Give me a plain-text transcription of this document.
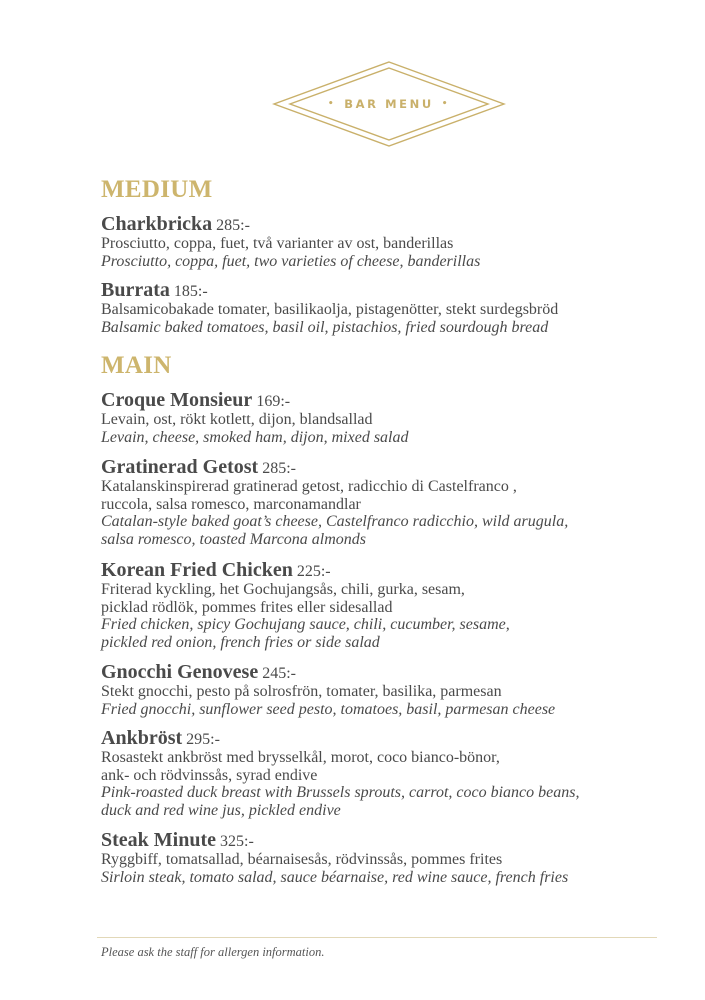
• BAR MENU •
MEDIUM
Charkbricka 285:-
Prosciutto, coppa, fuet, två varianter av ost, banderillas
Prosciutto, coppa, fuet, two varieties of cheese, banderillas
Burrata 185:-
Balsamicobakade tomater, basilikaolja, pistagenötter, stekt surdegsbröd
Balsamic baked tomatoes, basil oil, pistachios, fried sourdough bread
MAIN
Croque Monsieur 169:-
Levain, ost, rökt kotlett, dijon, blandsallad
Levain, cheese, smoked ham, dijon, mixed salad
Gratinerad Getost 285:-
Katalanskinspirerad gratinerad getost, radicchio di Castelfranco ,
ruccola, salsa romesco, marconamandlar
Catalan-style baked goat’s cheese, Castelfranco radicchio, wild arugula,
salsa romesco, toasted Marcona almonds
Korean Fried Chicken 225:-
Friterad kyckling, het Gochujangsås, chili, gurka, sesam,
picklad rödlök, pommes frites eller sidesallad
Fried chicken, spicy Gochujang sauce, chili, cucumber, sesame,
pickled red onion, french fries or side salad
Gnocchi Genovese 245:-
Stekt gnocchi, pesto på solrosfrön, tomater, basilika, parmesan
Fried gnocchi, sunflower seed pesto, tomatoes, basil, parmesan cheese
Ankbröst 295:-
Rosastekt ankbröst med brysselkål, morot, coco bianco-bönor,
ank- och rödvinssås, syrad endive
Pink-roasted duck breast with Brussels sprouts, carrot, coco bianco beans,
duck and red wine jus, pickled endive
Steak Minute 325:-
Ryggbiff, tomatsallad, béarnaisesås, rödvinssås, pommes frites
Sirloin steak, tomato salad, sauce béarnaise, red wine sauce, french fries
Please ask the staff for allergen information.
